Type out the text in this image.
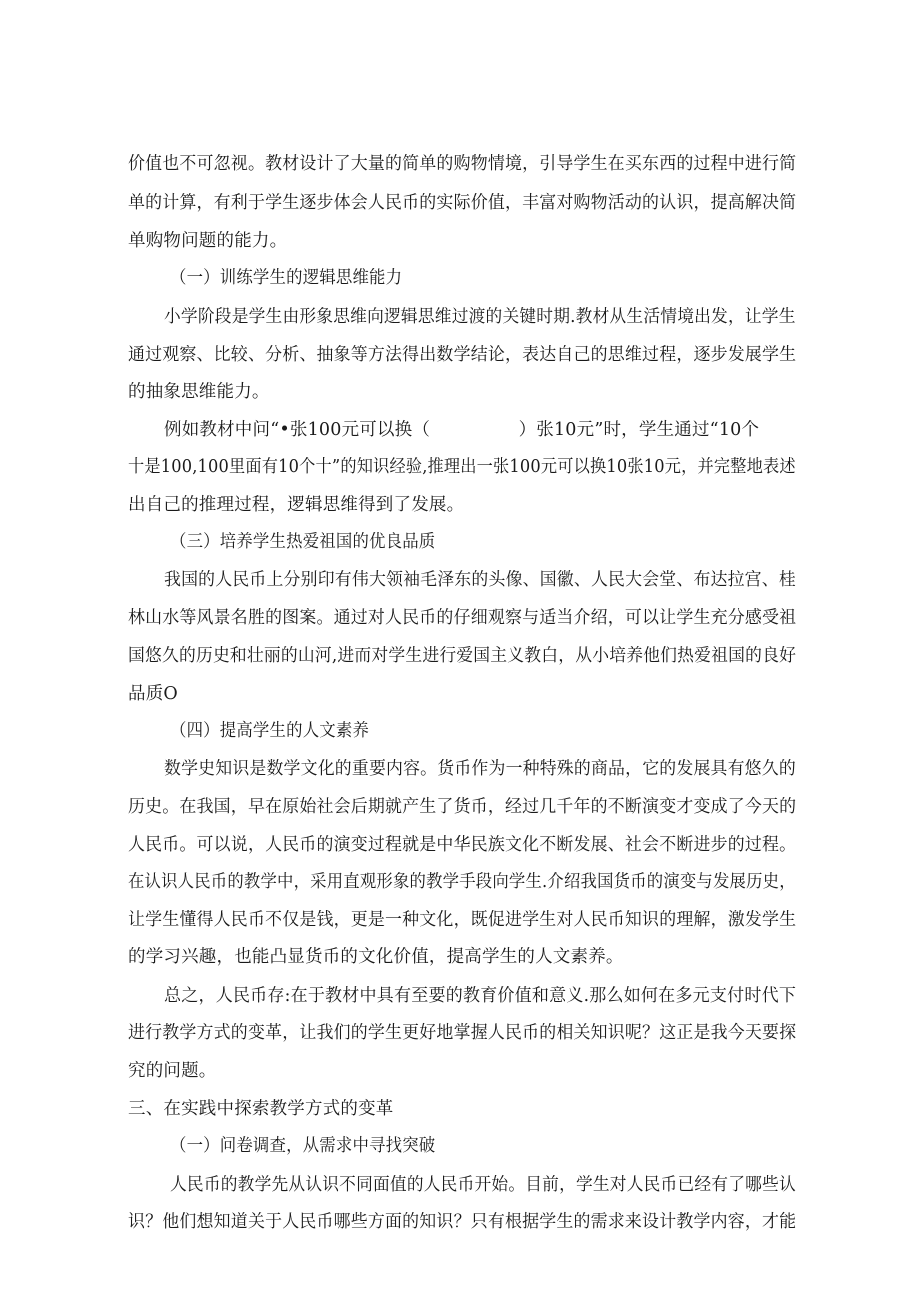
价值也不可忽视。教材设计了大量的简单的购物情境，引导学生在买东西的过程中进行简
单的计算，有利于学生逐步体会人民币的实际价值，丰富对购物活动的认识，提高解决简
单购物问题的能力。
（一）训练学生的逻辑思维能力
小学阶段是学生由形象思维向逻辑思维过渡的关键时期.教材从生活情境出发，让学生
通过观察、比较、分析、抽象等方法得出数学结论，表达自己的思维过程，逐步发展学生
的抽象思维能力。
例如教材中问“•张100元可以换（　　　　　）张10元”时，学生通过“10个
十是100,100里面有10个十”的知识经验,推理出一张100元可以换10张10元，并完整地表述
出自己的推理过程，逻辑思维得到了发展。
（三）培养学生热爱祖国的优良品质
我国的人民币上分别印有伟大领袖毛泽东的头像、国徽、人民大会堂、布达拉宫、桂
林山水等风景名胜的图案。通过对人民币的仔细观察与适当介绍，可以让学生充分感受祖
国悠久的历史和壮丽的山河,进而对学生进行爱国主义教白，从小培养他们热爱祖国的良好
品质O
（四）提高学生的人文素养
数学史知识是数学文化的重要内容。货币作为一种特殊的商品，它的发展具有悠久的
历史。在我国，早在原始社会后期就产生了货币，经过几千年的不断演变才变成了今天的
人民币。可以说，人民币的演变过程就是中华民族文化不断发展、社会不断进步的过程。
在认识人民币的教学中，采用直观形象的教学手段向学生.介绍我国货币的演变与发展历史，
让学生懂得人民币不仅是钱，更是一种文化，既促进学生对人民币知识的理解，激发学生
的学习兴趣，也能凸显货币的文化价值，提高学生的人文素养。
总之，人民币存:在于教材中具有至要的教育价值和意义.那么如何在多元支付时代下
进行教学方式的变革，让我们的学生更好地掌握人民币的相关知识呢？这正是我今天要探
究的问题。
三、在实践中探索教学方式的变革
（一）问卷调查，从需求中寻找突破
人民币的教学先从认识不同面值的人民币开始。目前，学生对人民币已经有了哪些认
识？他们想知道关于人民币哪些方面的知识？只有根据学生的需求来设计教学内容，才能
